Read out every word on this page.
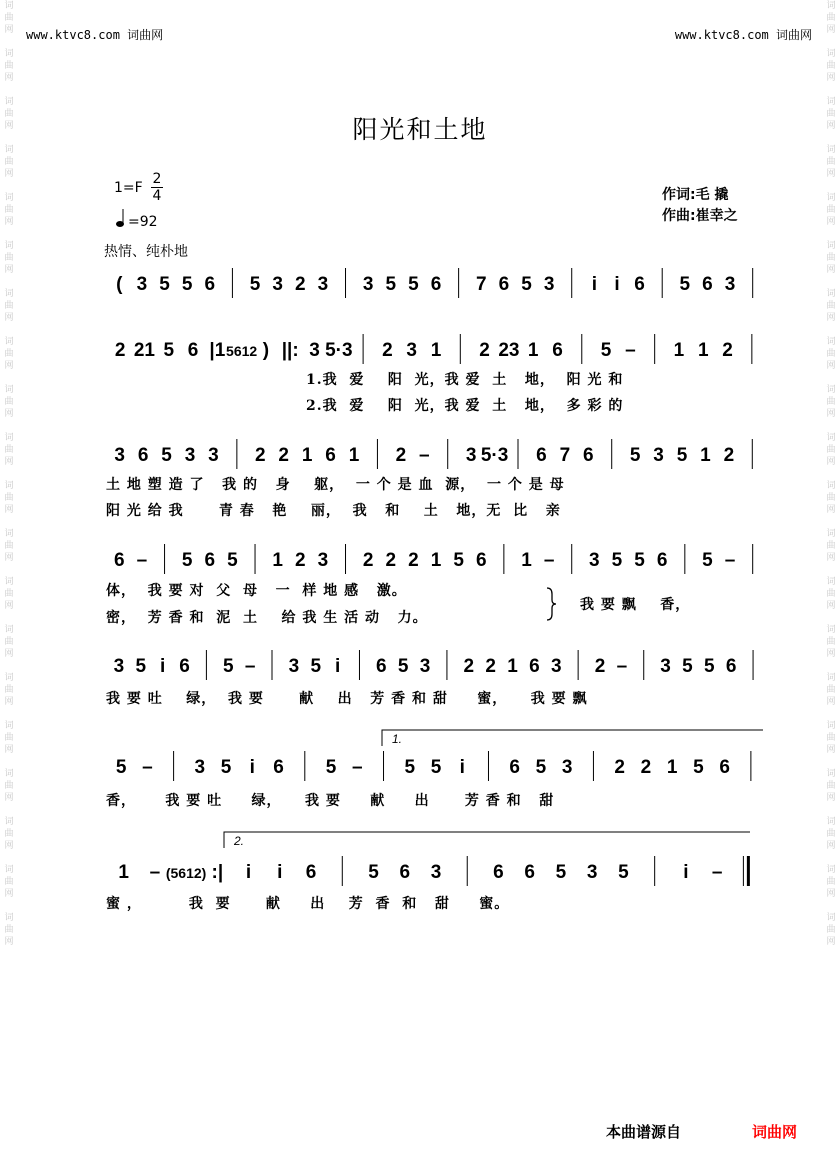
词
曲
网

词
曲
网

词
曲
网

词
曲
网

词
曲
网

词
曲
网

词
曲
网

词
曲
网

词
曲
网

词
曲
网

词
曲
网

词
曲
网

词
曲
网

词
曲
网

词
曲
网

词
曲
网

词
曲
网

词
曲
网

词
曲
网

词
曲
网

词
曲
网

词
曲
网

词
曲
网

词
曲
网

词
曲
网

词
曲
网

词
曲
网

词
曲
网

词
曲
网

词
曲
网

词
曲
网

词
曲
网

词
曲
网

词
曲
网

词
曲
网

词
曲
网

词
曲
网

词
曲
网

词
曲
网

词
曲
网

www.ktvc8.com 词曲网	www.ktvc8.com 词曲网
阳光和土地
$1=F \frac{2}{4}$
=92
热情、纯朴地
作词:毛 撬
作曲:崔幸之
( 3 5 5 6 5 3 2 3 3 5 5 6 7 6 5 3 i i 6 5 6 3
2 21 5 6 |1 5612 ) ||: 3 5·3 2 3 1 2 23 1 6 5 – 1 1 2
3 6 5 3 3 2 2 1 6 1 2 – 3 5·3 6 7 6 5 3 5 1 2
6 – 5 6 5 1 2 3 2 2 2 1 5 6 1 – 3 5 5 6 5 –
3 5 i 6 5 – 3 5 i 6 5 3 2 2 1 6 3 2 – 3 5 5 6
5 – 3 5 i 6 5 – 5 5 i 6 5 3 2 2 1 5 6
1 – (5612) :| i i 6	5 6 3	6 6 5 3 5	i –
1.
2.
1.我  爱    阳  光，我 爱  土   地，  阳 光 和
2.我  爱    阳  光，我 爱  土   地，  多 彩 的
土 地 塑 造 了   我 的   身    躯，  一 个 是 血  源，  一 个 是 母
阳 光 给 我      青 春   艳    丽，  我   和    土   地，无  比   亲
体，  我 要 对  父  母   一  样 地 感   激。
密，  芳 香 和  泥  土    给 我 生 活 动   力。
我 要 飘    香，
我 要 吐    绿，  我 要      献    出   芳 香 和 甜     蜜，    我 要 飘
香，     我 要 吐     绿，    我 要     献     出      芳 香 和   甜
蜜 ，        我  要      献     出    芳  香  和   甜     蜜。
本曲谱源自	词曲网
